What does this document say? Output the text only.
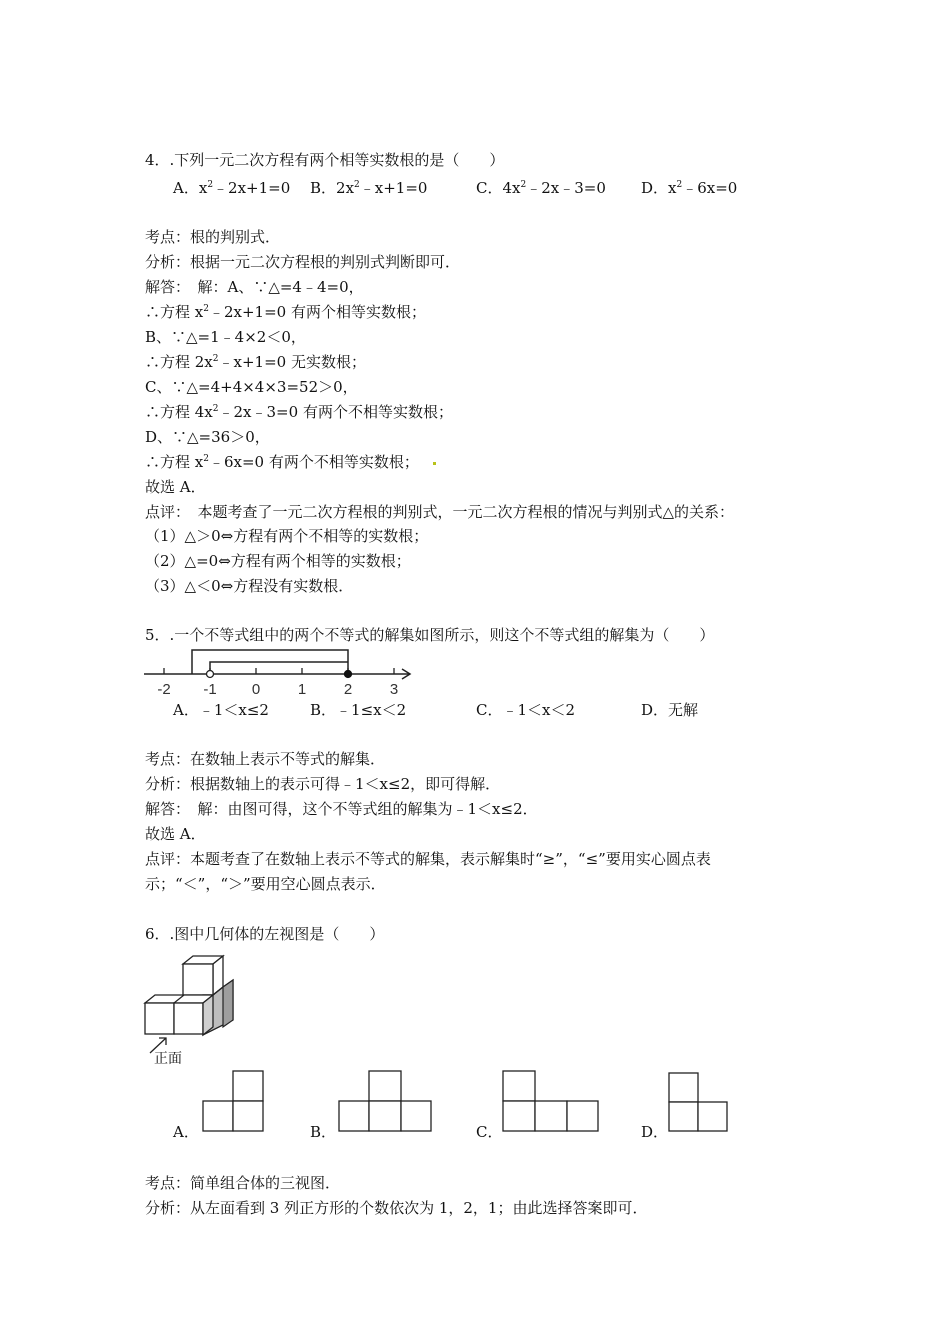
4．.下列一元二次方程有两个相等实数根的是（　　）
A．$x^2﹣2x+1=0$ B．$2x^2﹣x+1=0$	C．$4x^2﹣2x﹣3=0$ D．$x^2﹣6x=0$
考点：根的判别式．
分析：根据一元二次方程根的判别式判断即可．
解答：　解：A、∵△=4﹣4=0，
∴方程 $x^2﹣2x+1=0$ 有两个相等实数根；
B、∵△=1﹣4×2＜0，
∴方程 $2x^2﹣x+1=0$ 无实数根；
C、∵△=4+4×4×3=52＞0，
∴方程 $4x^2﹣2x﹣3=0$ 有两个不相等实数根；
D、∵△=36＞0，
∴方程 $x^2﹣6x=0$ 有两个不相等实数根；
故选 A．
点评：　本题考查了一元二次方程根的判别式，一元二次方程根的情况与判别式△的关系：
（1）△＞0⇔方程有两个不相等的实数根；
（2）△=0⇔方程有两个相等的实数根；
（3）△＜0⇔方程没有实数根．
5．.一个不等式组中的两个不等式的解集如图所示，则这个不等式组的解集为（　　）
-2 -1 0	1	2	3
A．﹣1＜x≤2	B．﹣1≤x＜2	C．﹣1＜x＜2	D．无解
考点：在数轴上表示不等式的解集．
分析：根据数轴上的表示可得﹣1＜x≤2，即可得解．
解答：　解：由图可得，这个不等式组的解集为﹣1＜x≤2．
故选 A．
点评：本题考查了在数轴上表示不等式的解集，表示解集时“≥”，“≤”要用实心圆点表
示；“＜”，“＞”要用空心圆点表示．
6．.图中几何体的左视图是（　　）
正面
A．	B．	C．	D．
考点：简单组合体的三视图．
分析：从左面看到 3 列正方形的个数依次为 1，2，1；由此选择答案即可．
